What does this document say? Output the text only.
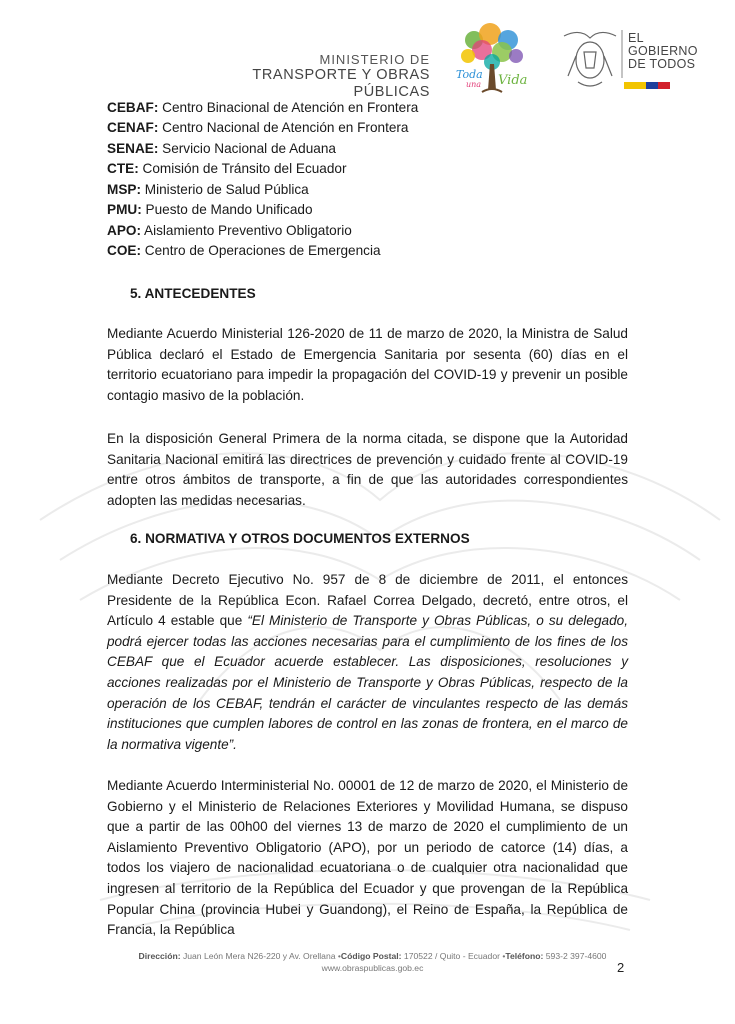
MINISTERIO DE
TRANSPORTE Y OBRAS PÚBLICAS
Toda
una Vida
EL
GOBIERNO
DE TODOS
CEBAF: Centro Binacional de Atención en Frontera
CENAF: Centro Nacional de Atención en Frontera
SENAE: Servicio Nacional de Aduana
CTE: Comisión de Tránsito del Ecuador
MSP: Ministerio de Salud Pública
PMU: Puesto de Mando Unificado
APO: Aislamiento Preventivo Obligatorio
COE: Centro de Operaciones de Emergencia
5. ANTECEDENTES

Mediante Acuerdo Ministerial 126-2020 de 11 de marzo de 2020, la Ministra de Salud Pública declaró el Estado de Emergencia Sanitaria por sesenta (60) días en el territorio ecuatoriano para impedir la propagación del COVID-19 y prevenir un posible contagio masivo de la población.

En la disposición General Primera de la norma citada, se dispone que la Autoridad Sanitaria Nacional emitirá las directrices de prevención y cuidado frente al COVID-19 entre otros ámbitos de transporte, a fin de que las autoridades correspondientes adopten las medidas necesarias.

6. NORMATIVA Y OTROS DOCUMENTOS EXTERNOS

Mediante Decreto Ejecutivo No. 957 de 8 de diciembre de 2011, el entonces Presidente de la República Econ. Rafael Correa Delgado, decretó, entre otros, el Artículo 4 estable que “El Ministerio de Transporte y Obras Públicas, o su delegado, podrá ejercer todas las acciones necesarias para el cumplimiento de los fines de los CEBAF que el Ecuador acuerde establecer. Las disposiciones, resoluciones y acciones realizadas por el Ministerio de Transporte y Obras Públicas, respecto de la operación de los CEBAF, tendrán el carácter de vinculantes respecto de las demás instituciones que cumplen labores de control en las zonas de frontera, en el marco de la normativa vigente”.

Mediante Acuerdo Interministerial No. 00001 de 12 de marzo de 2020, el Ministerio de Gobierno y el Ministerio de Relaciones Exteriores y Movilidad Humana, se dispuso que a partir de las 00h00 del viernes 13 de marzo de 2020 el cumplimiento de un Aislamiento Preventivo Obligatorio (APO), por un periodo de catorce (14) días, a todos los viajero de nacionalidad ecuatoriana o de cualquier otra nacionalidad que ingresen al territorio de la República del Ecuador y que provengan de la República Popular China (provincia Hubei y Guandong), el Reino de España, la República de Francia, la República

Dirección: Juan León Mera N26-220 y Av. Orellana •Código Postal: 170522 / Quito - Ecuador •Teléfono: 593-2 397-4600
www.obraspublicas.gob.ec	2
